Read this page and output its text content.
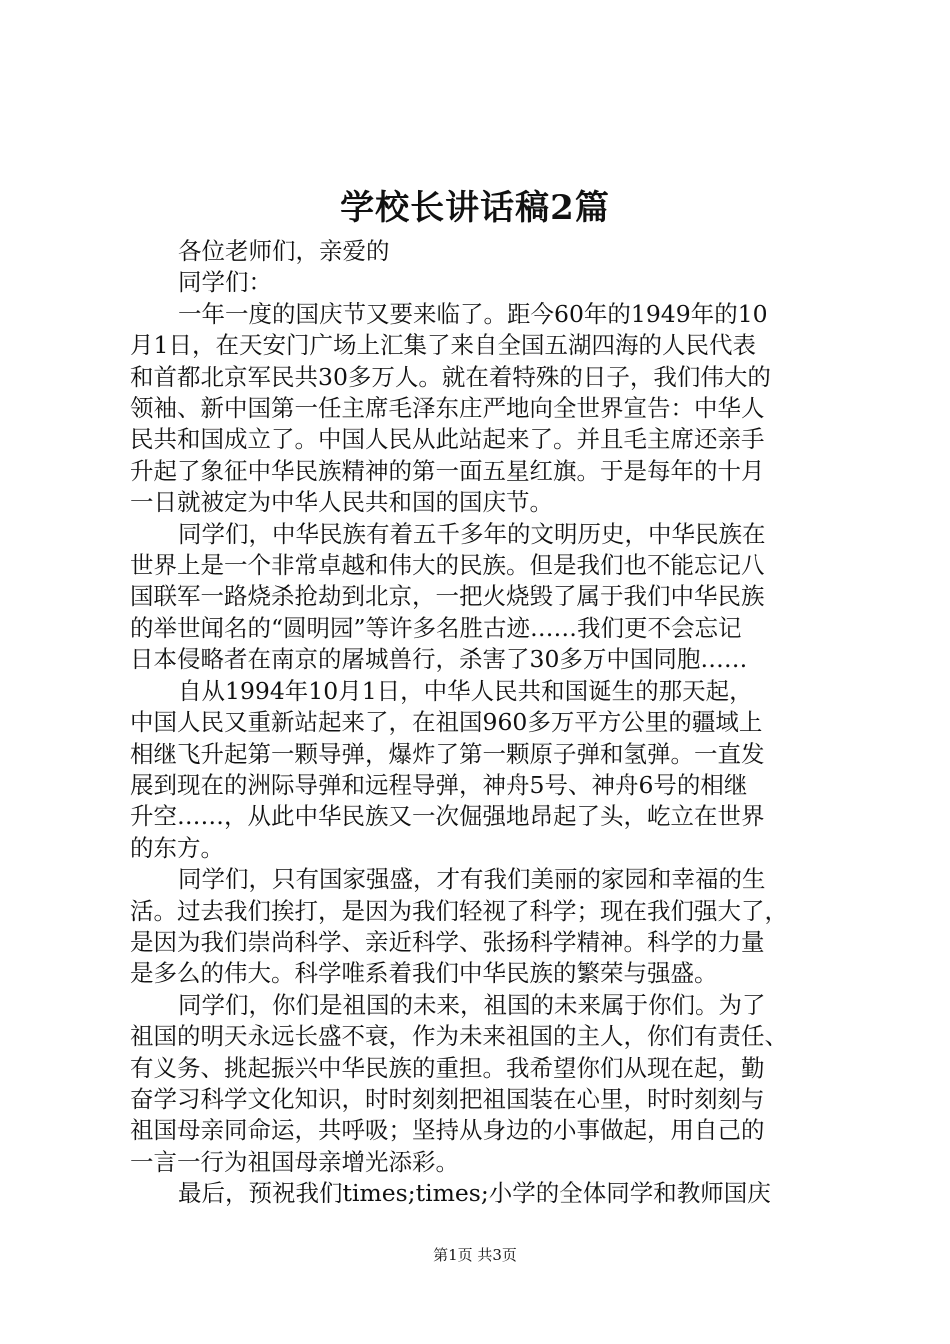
学校长讲话稿2篇
各位老师们，亲爱的
同学们：
一年一度的国庆节又要来临了。距今60年的1949年的10
月1日，在天安门广场上汇集了来自全国五湖四海的人民代表
和首都北京军民共30多万人。就在着特殊的日子，我们伟大的
领袖、新中国第一任主席毛泽东庄严地向全世界宣告：中华人
民共和国成立了。中国人民从此站起来了。并且毛主席还亲手
升起了象征中华民族精神的第一面五星红旗。于是每年的十月
一日就被定为中华人民共和国的国庆节。
同学们，中华民族有着五千多年的文明历史，中华民族在
世界上是一个非常卓越和伟大的民族。但是我们也不能忘记八
国联军一路烧杀抢劫到北京，一把火烧毁了属于我们中华民族
的举世闻名的“圆明园”等许多名胜古迹……我们更不会忘记
日本侵略者在南京的屠城兽行，杀害了30多万中国同胞……
自从1994年10月1日，中华人民共和国诞生的那天起，
中国人民又重新站起来了，在祖国960多万平方公里的疆域上
相继飞升起第一颗导弹，爆炸了第一颗原子弹和氢弹。一直发
展到现在的洲际导弹和远程导弹，神舟5号、神舟6号的相继
升空……，从此中华民族又一次倔强地昂起了头，屹立在世界
的东方。
同学们，只有国家强盛，才有我们美丽的家园和幸福的生
活。过去我们挨打，是因为我们轻视了科学；现在我们强大了，
是因为我们崇尚科学、亲近科学、张扬科学精神。科学的力量
是多么的伟大。科学唯系着我们中华民族的繁荣与强盛。
同学们，你们是祖国的未来，祖国的未来属于你们。为了
祖国的明天永远长盛不衰，作为未来祖国的主人，你们有责任、
有义务、挑起振兴中华民族的重担。我希望你们从现在起，勤
奋学习科学文化知识，时时刻刻把祖国装在心里，时时刻刻与
祖国母亲同命运，共呼吸；坚持从身边的小事做起，用自己的
一言一行为祖国母亲增光添彩。
最后，预祝我们times;times;小学的全体同学和教师国庆
第1页 共3页
